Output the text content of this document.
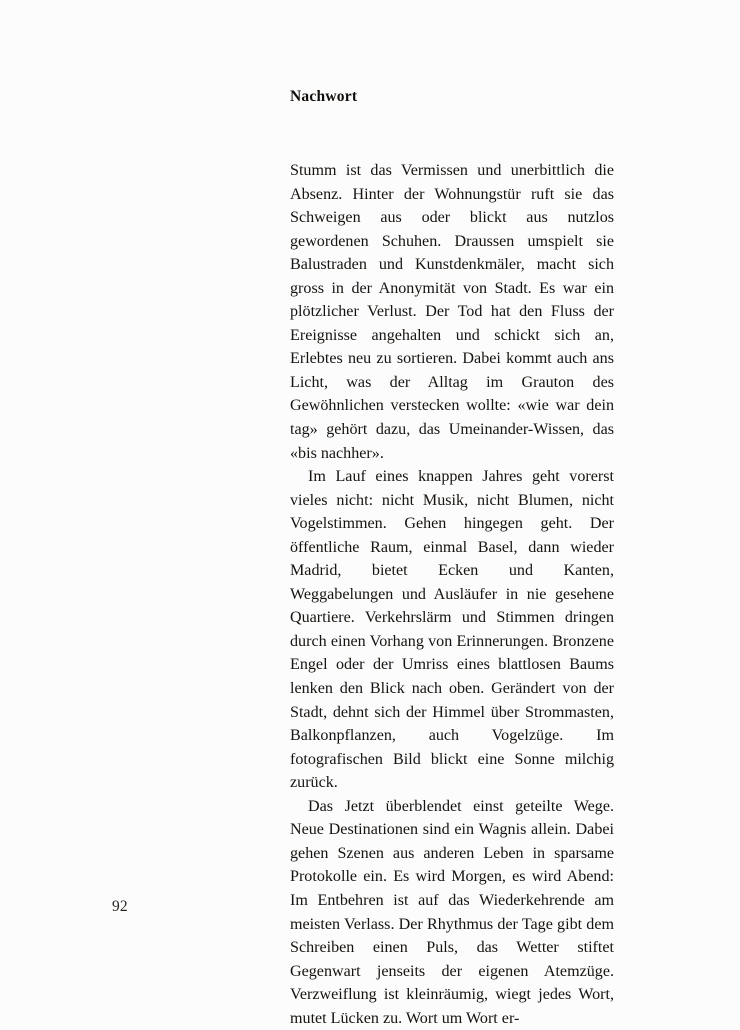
Nachwort

Stumm ist das Vermissen und unerbittlich die Absenz. Hinter der Wohnungstür ruft sie das Schweigen aus oder blickt aus nutzlos gewordenen Schuhen. Draussen umspielt sie Balustraden und Kunstdenkmäler, macht sich gross in der Anonymität von Stadt. Es war ein plötzlicher Verlust. Der Tod hat den Fluss der Ereignisse angehalten und schickt sich an, Erlebtes neu zu sortieren. Dabei kommt auch ans Licht, was der Alltag im Grauton des Gewöhnlichen verstecken wollte: «wie war dein tag» gehört dazu, das Umeinander-Wissen, das «bis nachher».

Im Lauf eines knappen Jahres geht vorerst vieles nicht: nicht Musik, nicht Blumen, nicht Vogelstimmen. Gehen hingegen geht. Der öffentliche Raum, einmal Basel, dann wieder Madrid, bietet Ecken und Kanten, Weggabelungen und Ausläufer in nie gesehene Quartiere. Verkehrslärm und Stimmen dringen durch einen Vorhang von Erinnerungen. Bronzene Engel oder der Umriss eines blattlosen Baums lenken den Blick nach oben. Gerändert von der Stadt, dehnt sich der Himmel über Strommasten, Balkonpflanzen, auch Vogelzüge. Im fotografischen Bild blickt eine Sonne milchig zurück.

Das Jetzt überblendet einst geteilte Wege. Neue Destinationen sind ein Wagnis allein. Dabei gehen Szenen aus anderen Leben in sparsame Protokolle ein. Es wird Morgen, es wird Abend: Im Entbehren ist auf das Wiederkehrende am meisten Verlass. Der Rhythmus der Tage gibt dem Schreiben einen Puls, das Wetter stiftet Gegenwart jenseits der eigenen Atemzüge. Verzweiflung ist kleinräumig, wiegt jedes Wort, mutet Lücken zu. Wort um Wort er-

92
